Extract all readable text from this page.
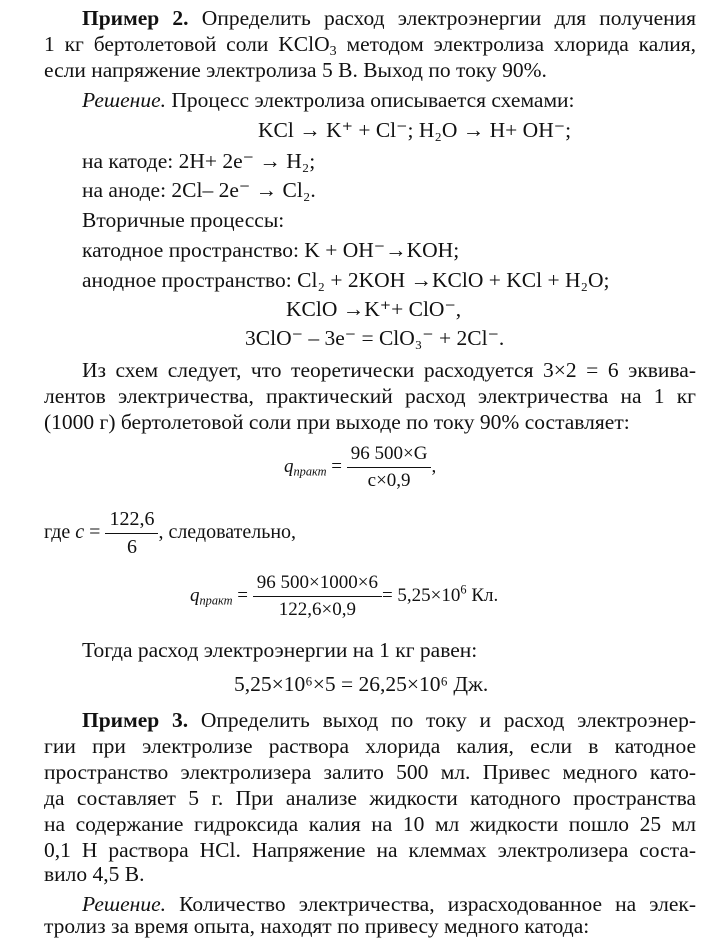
Пример 2. Определить расход электроэнергии для получения
1 кг бертолетовой соли KClO$_3$ методом электролиза хлорида калия,
если напряжение электролиза 5 В. Выход по току 90%.
Решение. Процесс электролиза описывается схемами:
KCl → K⁺ + Cl⁻; H₂O → H+ OH⁻;
на катоде: 2H+ 2e⁻ → H₂;
на аноде: 2Cl– 2e⁻ → Cl₂.
Вторичные процессы:
катодное пространство: K + OH⁻→KOH;
анодное пространство: Cl₂ + 2KOH →KClO + KCl + H₂O;
KClO →K⁺+ ClO⁻,
3ClO⁻ – 3e⁻ = ClO₃⁻ + 2Cl⁻.
Из схем следует, что теоретически расходуется 3×2 = 6 эквива-
лентов электричества, практический расход электричества на 1 кг
(1000 г) бертолетовой соли при выходе по току 90% составляет:
$q_{практ} = \frac{96 500\times G}{c\times 0,9}$ ,
где $c = \frac{122,6}{6}$ , следовательно,
$q_{практ} = \frac{96 500\times 1000\times 6}{122,6\times 0,9} = 5,25\times 10^6$ Кл.
Тогда расход электроэнергии на 1 кг равен:
5,25×10⁶×5 = 26,25×10⁶ Дж.
Пример 3. Определить выход по току и расход электроэнер-
гии при электролизе раствора хлорида калия, если в катодное
пространство электролизера залито 500 мл. Привес медного като-
да составляет 5 г. При анализе жидкости катодного пространства
на содержание гидроксида калия на 10 мл жидкости пошло 25 мл
0,1 Н раствора HCl. Напряжение на клеммах электролизера соста-
вило 4,5 В.
Решение. Количество электричества, израсходованное на элек-
тролиз за время опыта, находят по привесу медного катода:
